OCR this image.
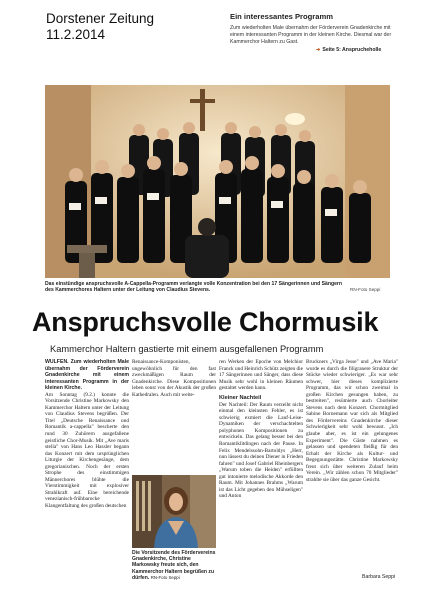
Dorstener Zeitung
11.2.2014
Ein interessantes Programm
Zum wiederholten Male übernahm der Förderverein Gnadenkirche mit einem interessanten Programm in der kleinen Kirche. Diesmal war der Kammerchor Haltern zu Gast.
➔ Seite 5: Ansprucheholle
Das einstündige anspruchsvolle A-Cappella-Programm verlangte volle Konzentration bei den 17 Sängerinnen und Sängern des Kammerchores Haltern unter der Leitung von Claudius Stevens.	RN-Foto Seppi
Anspruchsvolle Chormusik
Kammerchor Haltern gastierte mit einem ausgefallenen Programm

WULFEN. Zum wiederholten Male übernahm der Förderverein Gnadenkirche mit einem interessanten Programm in der kleinen Kirche.

Am Sonntag (9.2.) konnte die Vorsitzende Christine Markowsky den Kammerchor Haltern unter der Leitung von Claudius Stevens begrüßen. Der Titel „Deutsche Renaissance und Romantik a-cappella" bescherte den rund 30 Zuhörern ausgefallene geistliche Chor-Musik. Mit „Ave maris stella" von Hans Leo Hassler begann das Konzert mit dem ursprünglichen Liturgie der Kirchengesänge, dem gregorianischen. Noch der ersten Strophe des einstimmigen Männerchores blühte die Vierstimmigkeit mit explosiver Strahlkraft auf. Eine bereichende venezianisch-frühbarocke Klangentfaltung des großen deutschen

Renaissance-Komponisten, ungewöhnlich für den fast zweckmäßigen Raum der Gnadenkirche. Diese Kompositionen leben sonst von der Akustik der großen Kathedralen. Auch mit weite-

Die Vorsitzende des Fördervereins Gnadenkirche, Christine Markowsky freute sich, den Kammerchor Haltern begrüßen zu dürfen. RN-Foto Seppi

ren Werken der Epoche von Melchior Franck und Heinrich Schütz zeigten die 17 Sängerinnen und Sänger, dass diese Musik sehr wohl in kleinen Räumen gestaltet werden kann.

Kleiner Nachteil

Der Nachteil: Der Raum verzeiht nicht einmal den kleinsten Fehler, es ist schwierig exmiert die Lauf-Leise-Dynamiken der verschachtelten polyphonen Kompositionen zu entwickeln. Das gelang besser bei den Romantiklitdingen nach der Pause. In Felix Mendelssohn-Bartoldys „Herr, nun lässest du deinen Diener in Frieden fahren" und Josef Gabriel Rheinbergers „Warum toben die Heiden" erfüllten gut intonierte melodische Akkorde den Raum. Mit Johannes Brahms „Warum ist das Licht gegeben den Mühseligen" und Anton

Bruckners „Virga Jesse" und „Ave Maria" wurde es durch die filigranere Struktur der Stücke wieder schwieriger. „Es war sehr schwer, hier dieses komplizierte Programm, das wir schon zweimal in großen Kirchen gesungen haben, zu bestreiten", resümierte auch Chorleiter Stevens nach dem Konzert. Chormitglied Sabine Bornemann war sich als Mitglied des Fördervereins Gnadenkirche dieser Schwierigkeit sehr wohl bewusst. „Ich glaube aber, es ist ein gelungenes Experiment". Die Gäste nahmen es gelassen und spendeten fleißig für den Erhalt der Kirche als Kultur- und Begegnungsstätte. Christine Markowsky freut sich über weiteren Zulauf beim Verein. „Wir zählen schon 70 Mitglieder" strahlte sie über das ganze Gesicht.

Barbara Seppi
